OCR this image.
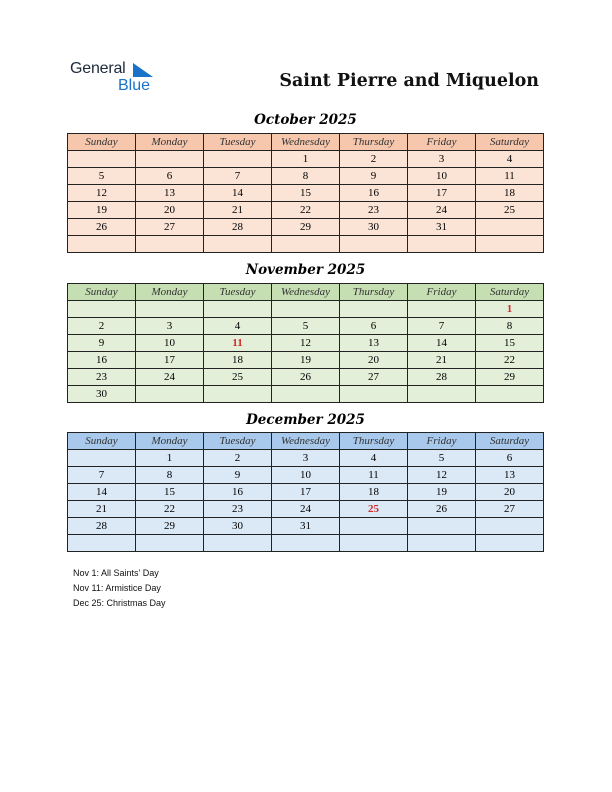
General
Blue	Saint Pierre and Miquelon
October 2025
Sunday	Monday	Tuesday	Wednesday	Thursday	Friday	Saturday
			1	2	3	4
5	6	7	8	9	10	11
12	13	14	15	16	17	18
19	20	21	22	23	24	25
26	27	28	29	30	31	

November 2025
Sunday	Monday	Tuesday	Wednesday	Thursday	Friday	Saturday
						1
2	3	4	5	6	7	8
9	10	11	12	13	14	15
16	17	18	19	20	21	22
23	24	25	26	27	28	29
30						
December 2025
Sunday	Monday	Tuesday	Wednesday	Thursday	Friday	Saturday
	1	2	3	4	5	6
7	8	9	10	11	12	13
14	15	16	17	18	19	20
21	22	23	24	25	26	27
28	29	30	31			

Nov 1: All Saints’ Day
Nov 11: Armistice Day
Dec 25: Christmas Day
